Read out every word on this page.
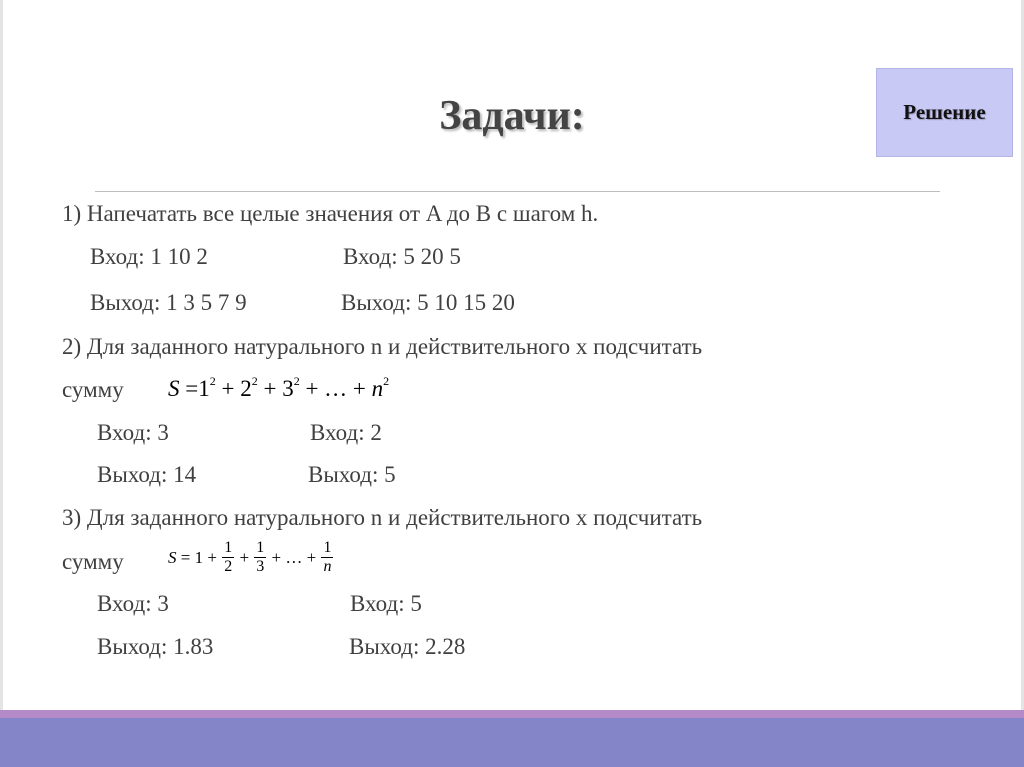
Задачи:	Решение
1) Напечатать все целые значения от A до B с шагом h.
Вход: 1 10 2	Вход: 5 20 5
Выход: 1 3 5 7 9	Выход: 5 10 15 20
2) Для заданного натурального n и действительного x подсчитать
сумму $S =1^2 + 2^2 + 3^2$ + … + $n^2$
Вход: 3	Вход: 2
Выход: 14	Выход: 5
3) Для заданного натурального n и действительного x подсчитать
сумму	$S = 1 + \frac{1}{2} + \frac{1}{3}$ + … + $\frac{1}{n}$
Вход: 3	Вход: 5
Выход: 1.83	Выход: 2.28
